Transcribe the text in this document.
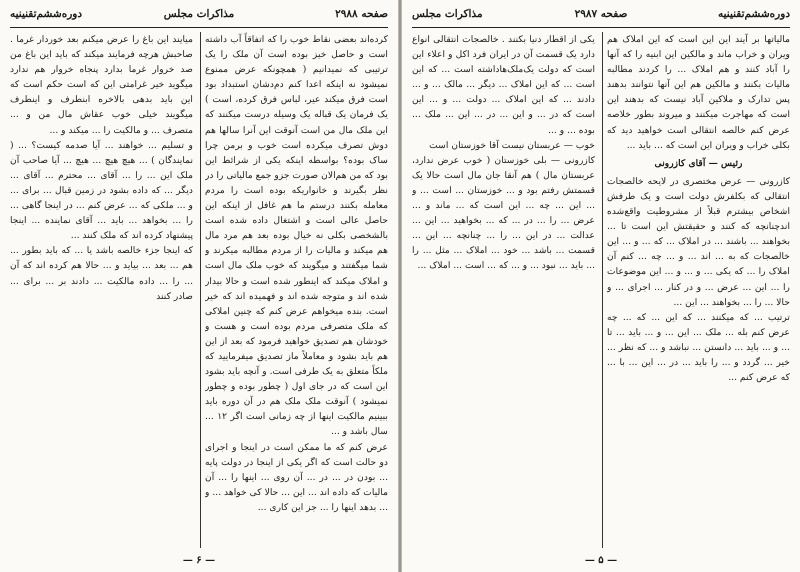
صفحه ۲۹۸۸
مذاکرات مجلس
دوره‌ششم‌تقنینیه

کرده‌اند بعضی نقاط خوب را که اتفاقاً آب داشته است و حاصل خیز بوده است آن ملک را یک ترتیبی که نمیدانیم ( همچونکه عرض ممنوع نمیشود نه اینکه اعدا کنم دم‌دشان استبداد بود است فرق میکند عیر، لباس فرق کرده، است ) یک فرمان یک قباله یک وسیله درست میکنند که این ملک مال من است آنوقت این آنرا سالها هم دوش تصرف میکرده است خوب و برمن چرا ساک بوده؟ بواسطه اینکه یکی از شرائط این بود که من هم‌الان صورت جزو جمع مالیاتی را در نظر بگیرند و خانواریکه بوده است را مردم معامله بکنند درستم ما هم غافل از اینکه این حاصل عالی است و اشتغال داده شده است بالشخصی بکلی نه خیال بوده بعد هم مرد مال هم میکند و مالیات را از مردم مطالبه میکرند و شما میگفتند و میگویند که خوب ملک مال است و املاک میکند که اینطور شده است و حالا بیدار شده اند و متوجه شده اند و فهمیده اند که خیر است. بنده میخواهم عرض کنم که چنین املاکی که ملک متصرفی مردم بوده است و هست و خودشان هم تصدیق خواهید فرمود که بعد از این هم باید بشود و معاملاً ماز تصدیق میفرمایید که ملکاً متعلق به یک طرفی است. و آنچه باید بشود این است که در جای اول ( چطور بوده و چطور نمیشود ) آنوقت ملک ملک هم در آن دوره باید ببینیم مالکیت اینها از چه زمانی است اگر ۱۲ ... سال باشد و ...

عرض کنم که ما ممکن است در اینجا و اجرای دو حالت است که اگر یکی از اینجا در دولت پایه ... بودن در ... در ... آن روی ... اینها را ... آن مالیات که داده اند ... این ... حالا کی خواهد ... و ... بدهد اینها را ... جز این کاری ...

میایند این باغ را عرض میکنم بعد خوردار غرما . صاحبش هرچه فرمایند میکند که باید این باغ من صد خروار غرما بدارد پنجاه خروار هم ندارد میگوید خیر غرامتی این که است حکم است که این باید بدهی بالاخره ابنطرف و اینطرف میگویند خیلی خوب عقاش مال من و ... متصرف ... و مالکیت را ... میکند و ...

و تسلیم ... خواهند ... آیا صدمه کیست؟ ... ( نمایندگان ) ... هیچ هیچ ... هیچ ... آیا صاحب آن ملک این ... را ... آقای ... محترم ... آقای ... دیگر ... که داده بشود در زمین قبال ... برای ... و ... ملکی که ... عرض کنم ... در اینجا گاهی ... را ... بخواهد ... باید ... آقای نماینده ... اینجا پیشنهاد کرده اند که ملک کنند ...

که اینجا جزء خالصه باشد یا ... که باید بطور ... هم ... بعد ... بیاید و ... حالا هم کرده اند که آن ... را ... داده مالکیت ... دادند بر ... برای ... صادر کنند

— ۶ —
دوره‌ششم‌تقنینیه
صفحه ۲۹۸۷
مذاکرات مجلس

مالیاتها بر آیند این این است که این املاک هم ویران و خراب ماند و مالکین این ابنیه را که آنها را آباد کنند و هم املاک ... را کردند مطالبه مالیات بکنند و مالکین هم این آنها نتوانند بدهند پس تدارک و ملاکین آباد نیست که بدهند این است که مهاجرت میکنند و میروند بطور خلاصه عرض کنم خالصه انتقالی است خواهید دید که بکلی خراب و ویران این است که ... باید ...

رئیس — آقای کازرونی

کازرونی — عرض مختصری در لایحه خالصجات انتقالی که بکلفرش دولت است و یک طرفش اشخاص بیشترم قبلاً از مشروطیت واقع‌شده اندچنانچه که کنند و حقیقتش این است تا ... بخواهند ... باشند ... در املاک ... که ... و ... این خالصجات که به ... اند ... و ... چه ... کنم آن املاک را ... که یکی ... و ... و ... این موضوعات را ... این ... عرض ... و در کنار ... اجرای ... و حالا ... را ... بخواهند ... این ...

ترتیب ... که میکنند ... که این ... که ... چه عرض کنم بله ... ملک ... این ... و ... باید ... تا ... و ... باید ... دانستن ... نباشد و ... که نظر ... خیر ... گردد و ... را باید ... در ... این ... با ... که عرض کنم ...

یکی از اقطار دنیا بکنند . خالصجات انتقالی انواع دارد یک قسمت آن در ایران فرد اکل و اعلاء این است که دولت یک‌ملک‌ها‌داشته است ... که این است ... که این املاک ... دیگر ... مالک ... و ... دادند ... که این املاک ... دولت ... و ... این است که در ... و این ... در ... این ... ملک ... بوده ... و ...

خوب — عربستان نیست آقا خوزستان است

کازرونی — بلی خوزستان ( خوب عرض ندارد، عربستان مال ) هم آنقا جان مال است حالا یک قسمتش رفتم بود و ... خوزستان ... است ... و ... این ... چه ... این است که ... ماند و ... عرض ... را ... در ... که ... بخواهید ... این ... عدالت ... در این ... را ... چنانچه ... این ... قسمت ... باشد ... خود ... املاک ... مثل ... را ... باید ... نبود ... و ... که ... است ... املاک ...

— ۵ —
